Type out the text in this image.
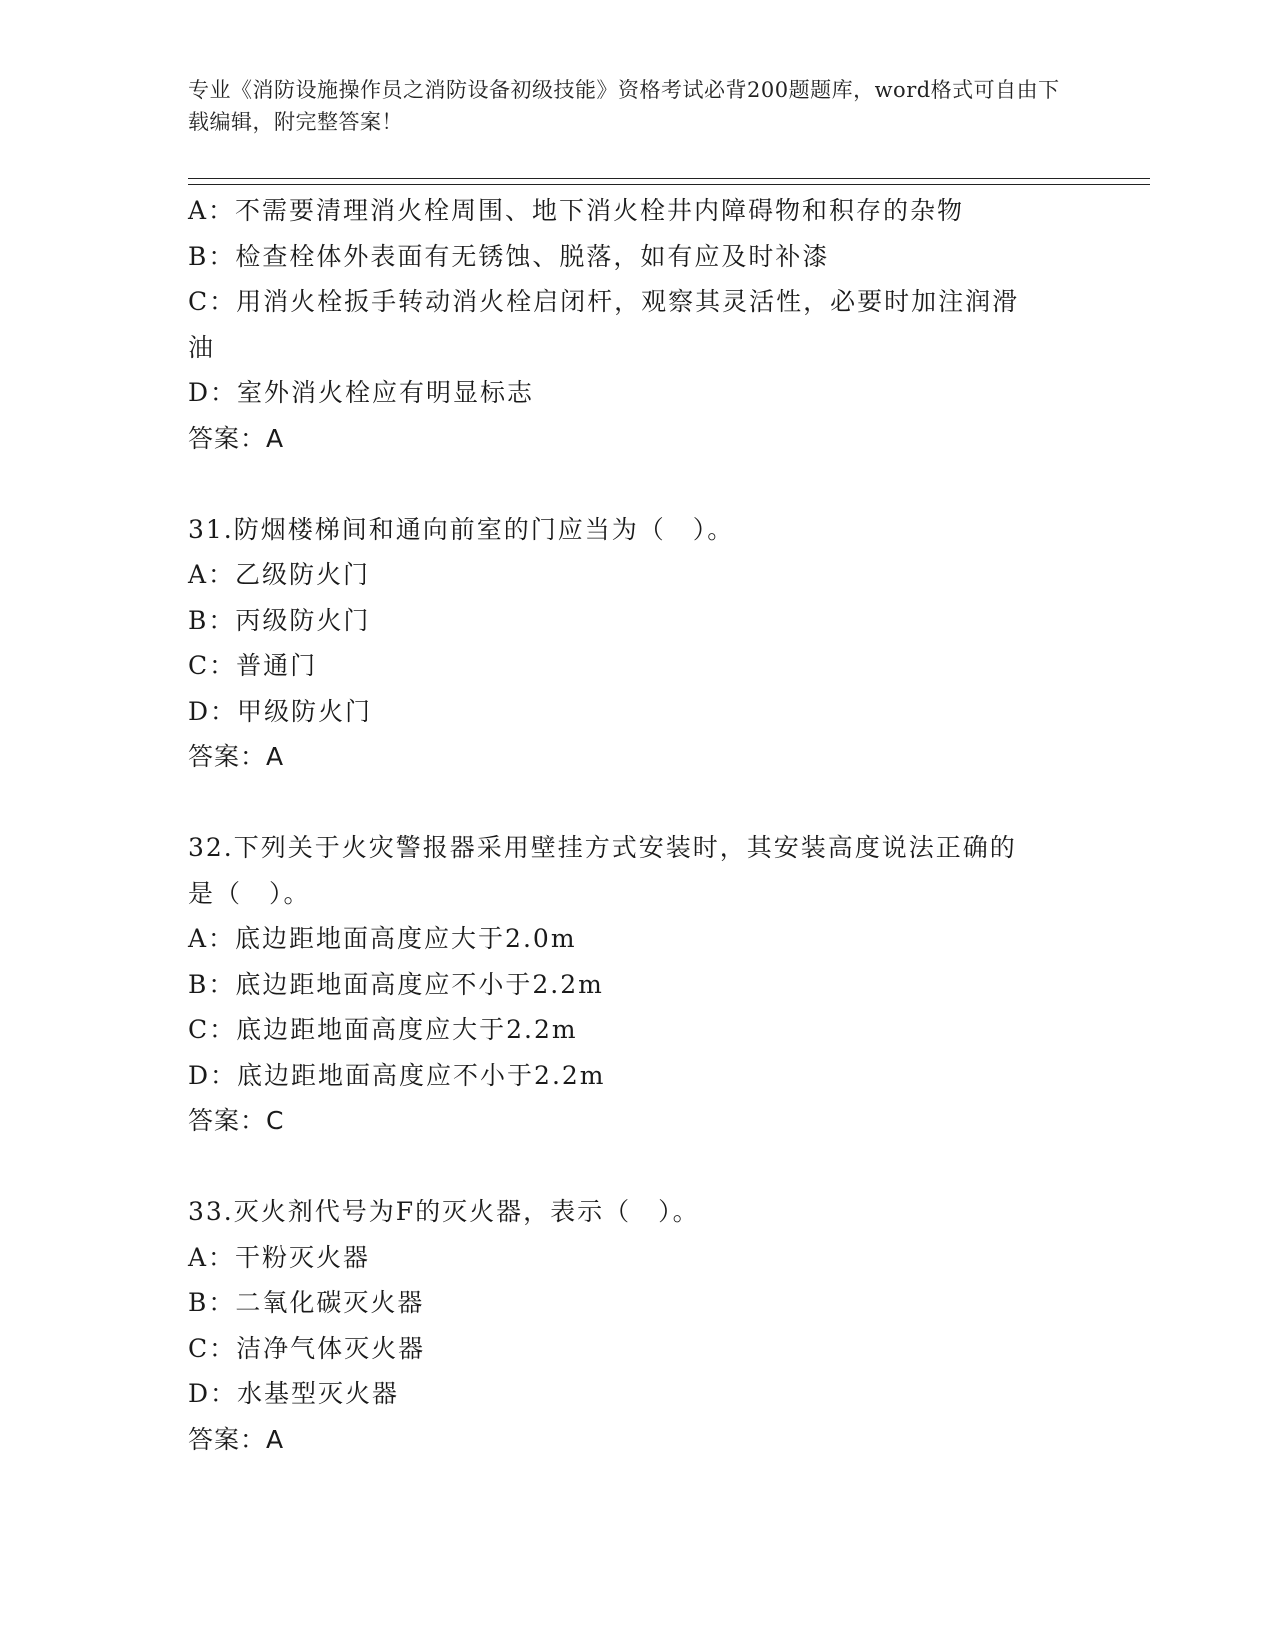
专业《消防设施操作员之消防设备初级技能》资格考试必背200题题库，word格式可自由下载编辑，附完整答案！
A：不需要清理消火栓周围、地下消火栓井内障碍物和积存的杂物
B：检查栓体外表面有无锈蚀、脱落，如有应及时补漆
C：用消火栓扳手转动消火栓启闭杆，观察其灵活性，必要时加注润滑油
D：室外消火栓应有明显标志
答案：A
31.防烟楼梯间和通向前室的门应当为（　）。
A：乙级防火门
B：丙级防火门
C：普通门
D：甲级防火门
答案：A
32.下列关于火灾警报器采用壁挂方式安装时，其安装高度说法正确的是（　）。
A：底边距地面高度应大于2.0m
B：底边距地面高度应不小于2.2m
C：底边距地面高度应大于2.2m
D：底边距地面高度应不小于2.2m
答案：C
33.灭火剂代号为F的灭火器，表示（　）。
A：干粉灭火器
B：二氧化碳灭火器
C：洁净气体灭火器
D：水基型灭火器
答案：A
